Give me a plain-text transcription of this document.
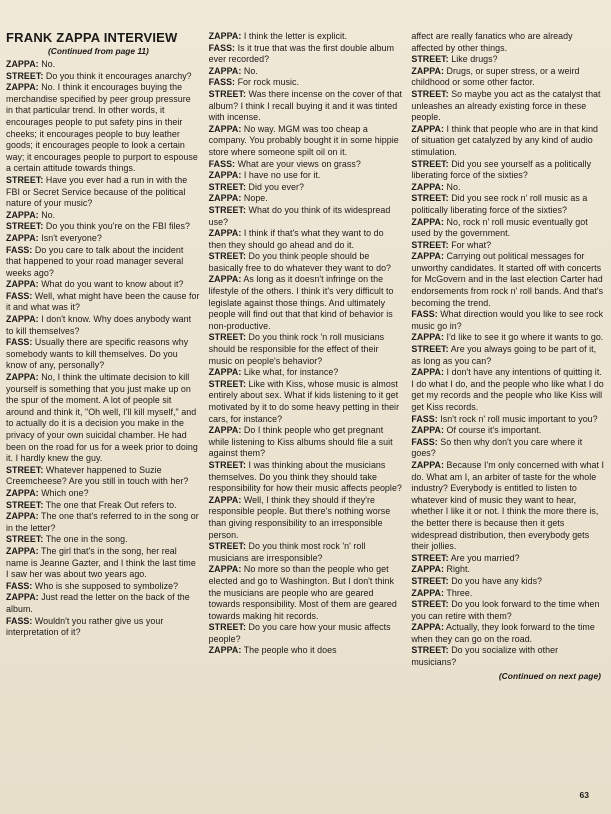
FRANK ZAPPA INTERVIEW
(Continued from page 11)
ZAPPA: No.
STREET: Do you think it encourages anarchy?
ZAPPA: No. I think it encourages buying the merchandise specified by peer group pressure in that particular trend. In other words, it encourages people to put safety pins in their cheeks; it encourages people to buy leather goods; it encourages people to look a certain way; it encourages people to purport to espouse a certain attitude towards things.
STREET: Have you ever had a run in with the FBI or Secret Service because of the political nature of your music?
ZAPPA: No.
STREET: Do you think you're on the FBI files?
ZAPPA: Isn't everyone?
FASS: Do you care to talk about the incident that happened to your road manager several weeks ago?
ZAPPA: What do you want to know about it?
FASS: Well, what might have been the cause for it and what was it?
ZAPPA: I don't know. Why does anybody want to kill themselves?
FASS: Usually there are specific reasons why somebody wants to kill themselves. Do you know of any, personally?
ZAPPA: No, I think the ultimate decision to kill yourself is something that you just make up on the spur of the moment. A lot of people sit around and think it, "Oh well, I'll kill myself," and to actually do it is a decision you make in the privacy of your own suicidal chamber. He had been on the road for us for a week prior to doing it. I hardly knew the guy.
STREET: Whatever happened to Suzie Creemcheese? Are you still in touch with her?
ZAPPA: Which one?
STREET: The one that Freak Out refers to.
ZAPPA: The one that's referred to in the song or in the letter?
STREET: The one in the song.
ZAPPA: The girl that's in the song, her real name is Jeanne Gazter, and I think the last time I saw her was about two years ago.
FASS: Who is she supposed to symbolize?
ZAPPA: Just read the letter on the back of the album.
FASS: Wouldn't you rather give us your interpretation of it?
ZAPPA: I think the letter is explicit.
FASS: Is it true that was the first double album ever recorded?
ZAPPA: No.
FASS: For rock music.
STREET: Was there incense on the cover of that album? I think I recall buying it and it was tinted with incense.
ZAPPA: No way. MGM was too cheap a company. You probably bought it in some hippie store where someone spilt oil on it.
FASS: What are your views on grass?
ZAPPA: I have no use for it.
STREET: Did you ever?
ZAPPA: Nope.
STREET: What do you think of its widespread use?
ZAPPA: I think if that's what they want to do then they should go ahead and do it.
STREET: Do you think people should be basically free to do whatever they want to do?
ZAPPA: As long as it doesn't infringe on the lifestyle of the others. I think it's very difficult to legislate against those things. And ultimately people will find out that that kind of behavior is non-productive.
STREET: Do you think rock 'n roll musicians should be responsible for the effect of their music on people's behavior?
ZAPPA: Like what, for instance?
STREET: Like with Kiss, whose music is almost entirely about sex. What if kids listening to it get motivated by it to do some heavy petting in their cars, for instance?
ZAPPA: Do I think people who get pregnant while listening to Kiss albums should file a suit against them?
STREET: I was thinking about the musicians themselves. Do you think they should take responsibility for how their music affects people?
ZAPPA: Well, I think they should if they're responsible people. But there's nothing worse than giving responsibility to an irresponsible person.
STREET: Do you think most rock 'n' roll musicians are irresponsible?
ZAPPA: No more so than the people who get elected and go to Washington. But I don't think the musicians are people who are geared towards responsibility. Most of them are geared towards making hit records.
STREET: Do you care how your music affects people?
ZAPPA: The people who it does
affect are really fanatics who are already affected by other things.
STREET: Like drugs?
ZAPPA: Drugs, or super stress, or a weird childhood or some other factor.
STREET: So maybe you act as the catalyst that unleashes an already existing force in these people.
ZAPPA: I think that people who are in that kind of situation get catalyzed by any kind of audio stimulation.
STREET: Did you see yourself as a politically liberating force of the sixties?
ZAPPA: No.
STREET: Did you see rock n' roll music as a politically liberating force of the sixties?
ZAPPA: No, rock n' roll music eventually got used by the government.
STREET: For what?
ZAPPA: Carrying out political messages for unworthy candidates. It started off with concerts for McGovern and in the last election Carter had endorsements from rock n' roll bands. And that's becoming the trend.
FASS: What direction would you like to see rock music go in?
ZAPPA: I'd like to see it go where it wants to go.
STREET: Are you always going to be part of it, as long as you can?
ZAPPA: I don't have any intentions of quitting it. I do what I do, and the people who like what I do get my records and the people who like Kiss will get Kiss records.
FASS: Isn't rock n' roll music important to you?
ZAPPA: Of course it's important.
FASS: So then why don't you care where it goes?
ZAPPA: Because I'm only concerned with what I do. What am I, an arbiter of taste for the whole industry? Everybody is entitled to listen to whatever kind of music they want to hear, whether I like it or not. I think the more there is, the better there is because then it gets widespread distribution, then everybody gets their jollies.
STREET: Are you married?
ZAPPA: Right.
STREET: Do you have any kids?
ZAPPA: Three.
STREET: Do you look forward to the time when you can retire with them?
ZAPPA: Actually, they look forward to the time when they can go on the road.
STREET: Do you socialize with other musicians?
(Continued on next page)
63
